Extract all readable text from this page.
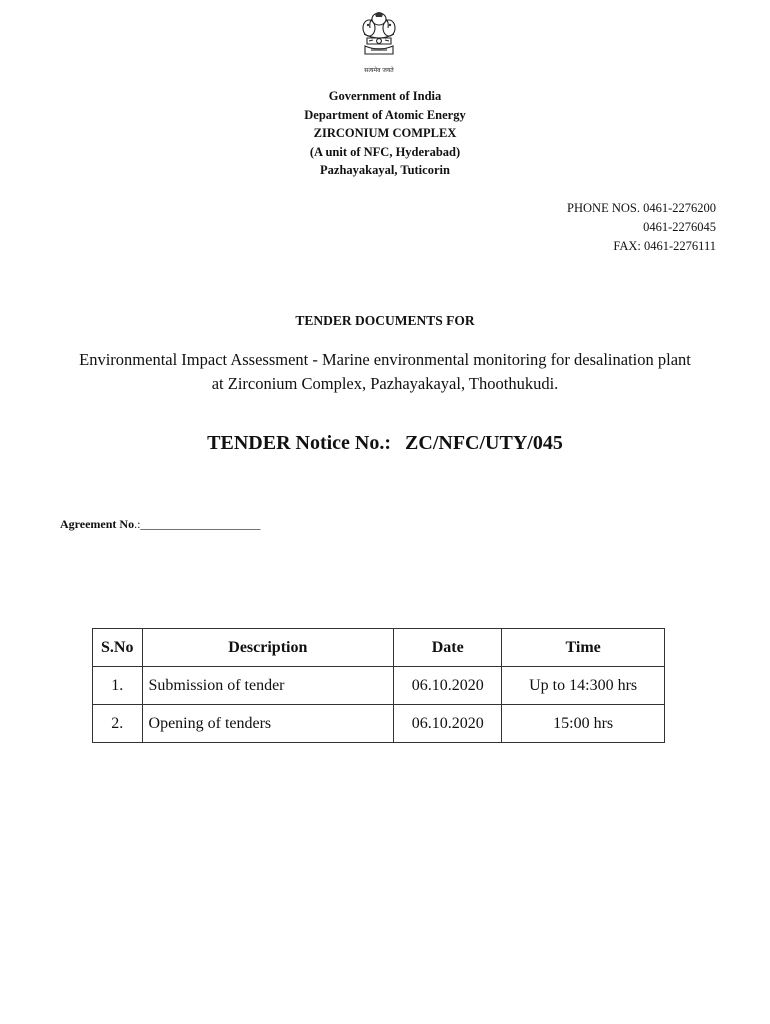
सत्यमेव जयते
Government of India
Department of Atomic Energy
ZIRCONIUM COMPLEX
(A unit of NFC, Hyderabad)
Pazhayakayal, Tuticorin
PHONE NOS. 0461-2276200
0461-2276045
FAX: 0461-2276111
TENDER DOCUMENTS FOR
Environmental Impact Assessment - Marine environmental monitoring for desalination plant
at Zirconium Complex, Pazhayakayal, Thoothukudi.
TENDER Notice No.: ZC/NFC/UTY/045
Agreement No.:____________________
S.No	Description	Date	Time
1.	Submission of tender	06.10.2020	Up to 14:300 hrs
2.	Opening of tenders	06.10.2020	15:00 hrs
